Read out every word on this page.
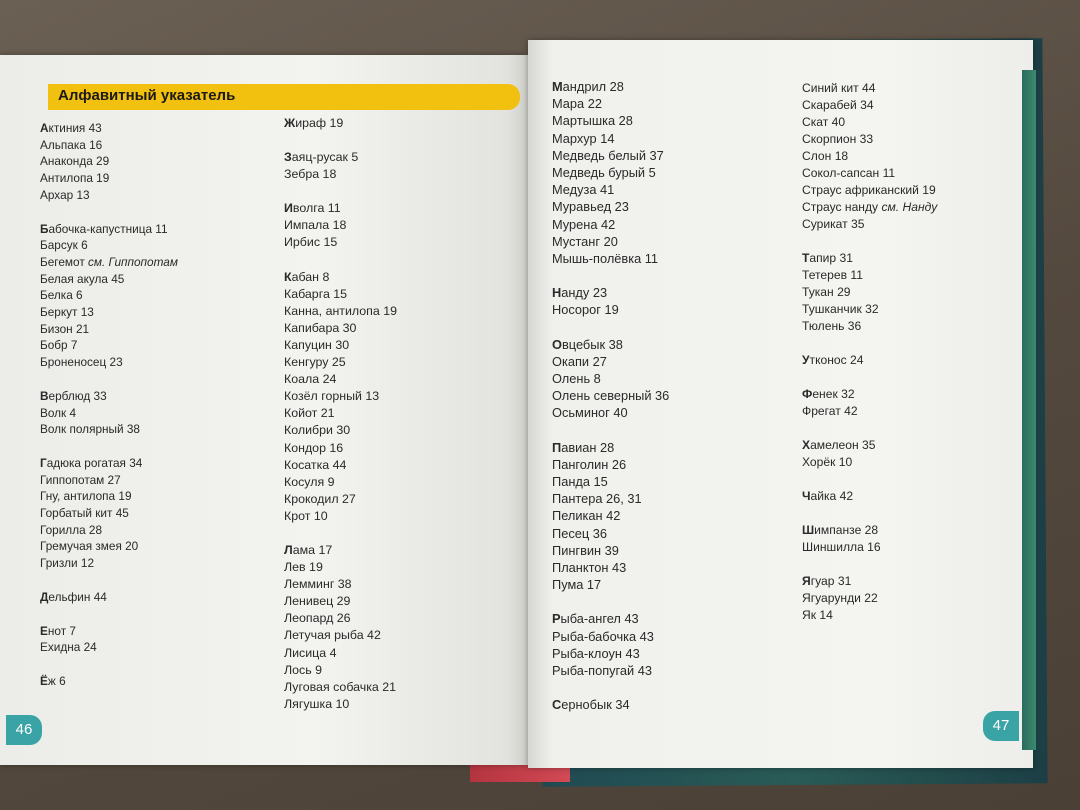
Алфавитный указатель
Актиния 43
Альпака 16
Анаконда 29
Антилопа 19
Архар 13
Бабочка-капустница 11
Барсук 6
Бегемот см. Гиппопотам
Белая акула 45
Белка 6
Беркут 13
Бизон 21
Бобр 7
Броненосец 23
Верблюд 33
Волк 4
Волк полярный 38
Гадюка рогатая 34
Гиппопотам 27
Гну, антилопа 19
Горбатый кит 45
Горилла 28
Гремучая змея 20
Гризли 12
Дельфин 44
Енот 7
Ехидна 24
Ёж 6
Жираф 19
Заяц-русак 5
Зебра 18
Иволга 11
Импала 18
Ирбис 15
Кабан 8
Кабарга 15
Канна, антилопа 19
Капибара 30
Капуцин 30
Кенгуру 25
Коала 24
Козёл горный 13
Койот 21
Колибри 30
Кондор 16
Косатка 44
Косуля 9
Крокодил 27
Крот 10
Лама 17
Лев 19
Лемминг 38
Ленивец 29
Леопард 26
Летучая рыба 42
Лисица 4
Лось 9
Луговая собачка 21
Лягушка 10
Мандрил 28
Мара 22
Мартышка 28
Мархур 14
Медведь белый 37
Медведь бурый 5
Медуза 41
Муравьед 23
Мурена 42
Мустанг 20
Мышь-полёвка 11
Нанду 23
Носорог 19
Овцебык 38
Окапи 27
Олень 8
Олень северный 36
Осьминог 40
Павиан 28
Панголин 26
Панда 15
Пантера 26, 31
Пеликан 42
Песец 36
Пингвин 39
Планктон 43
Пума 17
Рыба-ангел 43
Рыба-бабочка 43
Рыба-клоун 43
Рыба-попугай 43
Сернобык 34
Синий кит 44
Скарабей 34
Скат 40
Скорпион 33
Слон 18
Сокол-сапсан 11
Страус африканский 19
Страус нанду см. Нанду
Сурикат 35
Тапир 31
Тетерев 11
Тукан 29
Тушканчик 32
Тюлень 36
Утконос 24
Фенек 32
Фрегат 42
Хамелеон 35
Хорёк 10
Чайка 42
Шимпанзе 28
Шиншилла 16
Ягуар 31
Ягуарунди 22
Як 14
46	47
